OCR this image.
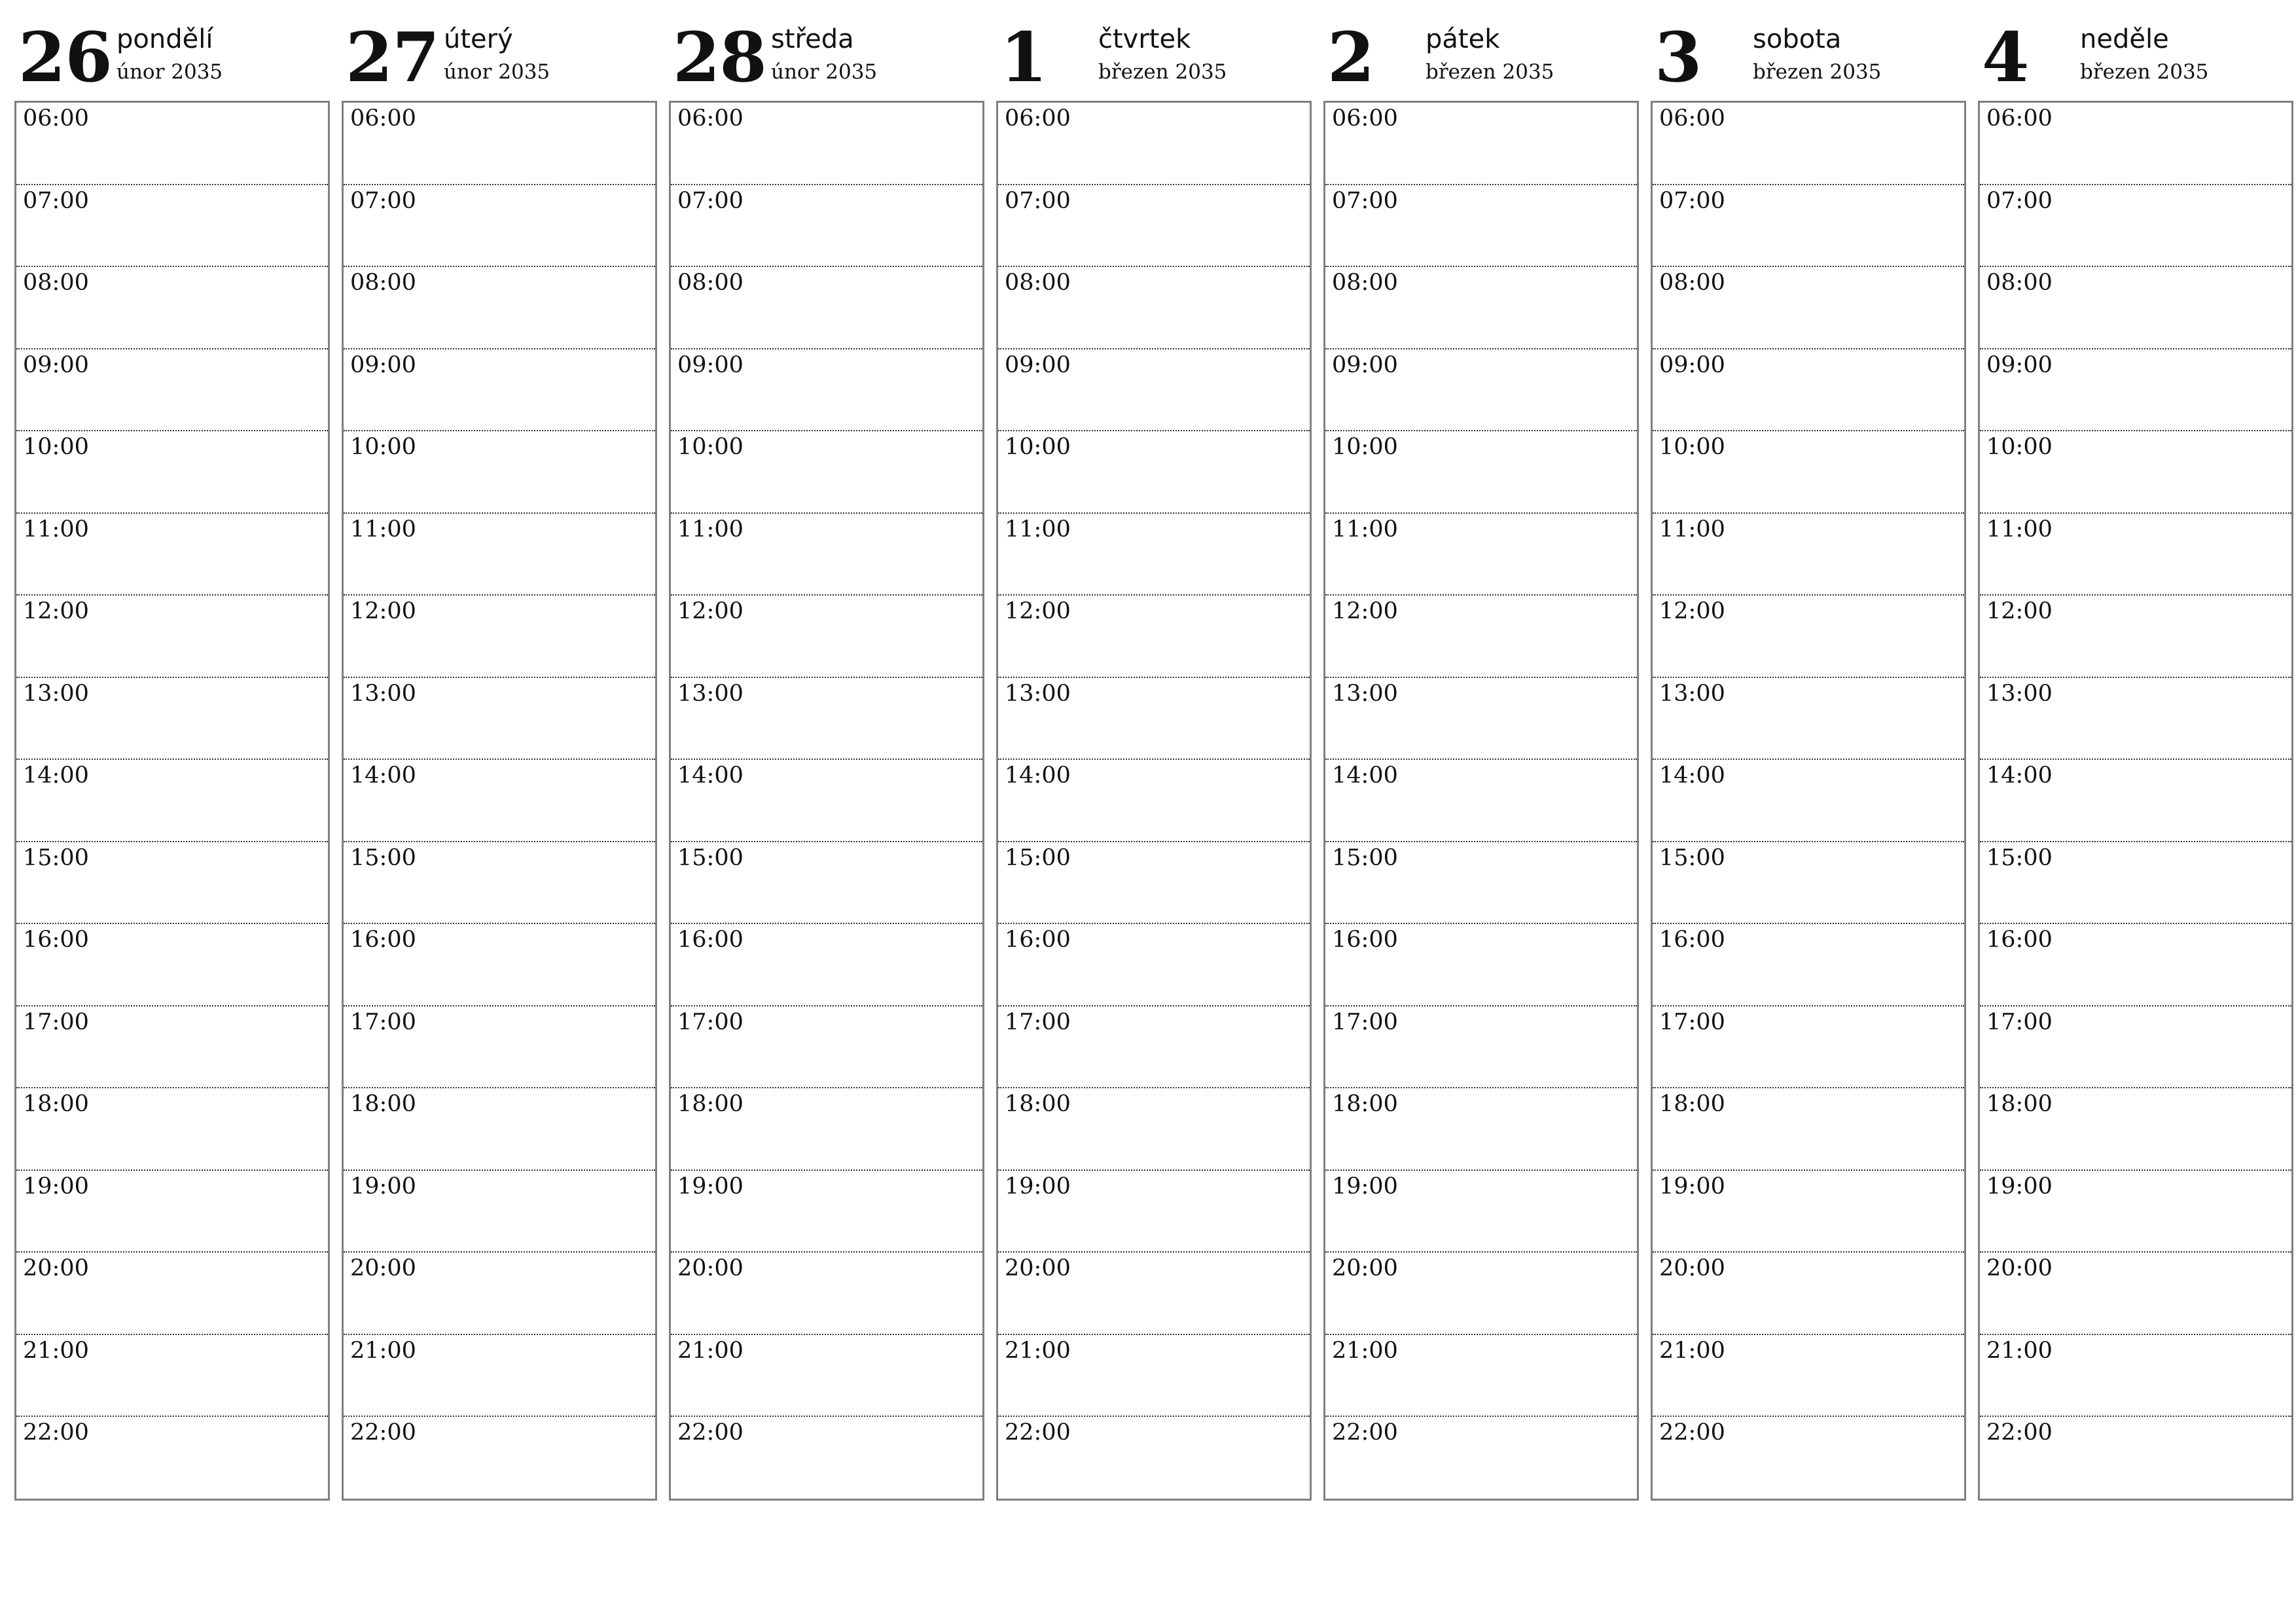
26 pondělí
únor 2035
06:00
07:00
08:00
09:00
10:00
11:00
12:00
13:00
14:00
15:00
16:00
17:00
18:00
19:00
20:00
21:00
22:00
27 úterý
únor 2035
06:00
07:00
08:00
09:00
10:00
11:00
12:00
13:00
14:00
15:00
16:00
17:00
18:00
19:00
20:00
21:00
22:00
28 středa
únor 2035
06:00
07:00
08:00
09:00
10:00
11:00
12:00
13:00
14:00
15:00
16:00
17:00
18:00
19:00
20:00
21:00
22:00
1 čtvrtek
březen 2035
06:00
07:00
08:00
09:00
10:00
11:00
12:00
13:00
14:00
15:00
16:00
17:00
18:00
19:00
20:00
21:00
22:00
2 pátek
březen 2035
06:00
07:00
08:00
09:00
10:00
11:00
12:00
13:00
14:00
15:00
16:00
17:00
18:00
19:00
20:00
21:00
22:00
3 sobota
březen 2035
06:00
07:00
08:00
09:00
10:00
11:00
12:00
13:00
14:00
15:00
16:00
17:00
18:00
19:00
20:00
21:00
22:00
4 neděle
březen 2035
06:00
07:00
08:00
09:00
10:00
11:00
12:00
13:00
14:00
15:00
16:00
17:00
18:00
19:00
20:00
21:00
22:00
